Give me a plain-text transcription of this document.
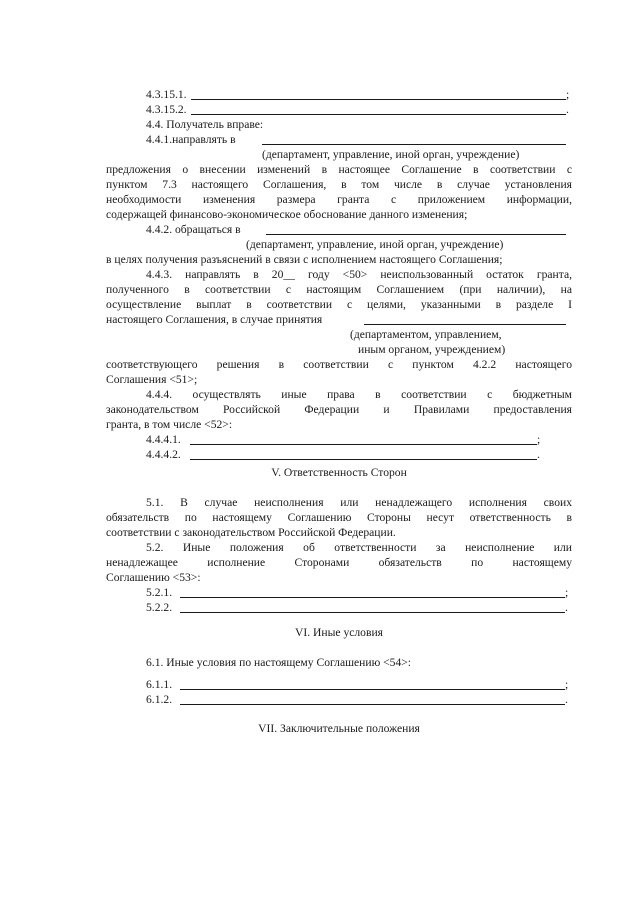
4.3.15.1.	;
4.3.15.2.	.
4.4. Получатель вправе:
4.4.1.направлять в
(департамент, управление, иной орган, учреждение)
предложения о внесении изменений в настоящее Соглашение в соответствии с
пунктом 7.3 настоящего Соглашения, в том числе в случае установления
необходимости изменения размера гранта с приложением информации,
содержащей финансово-экономическое обоснование данного изменения;
4.4.2. обращаться в
(департамент, управление, иной орган, учреждение)
в целях получения разъяснений в связи с исполнением настоящего Соглашения;
4.4.3. направлять в 20__ году <50> неиспользованный остаток гранта,
полученного в соответствии с настоящим Соглашением (при наличии), на
осуществление выплат в соответствии с целями, указанными в разделе I
настоящего Соглашения, в случае принятия
(департаментом, управлением,
иным органом, учреждением)
соответствующего решения в соответствии с пунктом 4.2.2 настоящего
Соглашения <51>;
4.4.4. осуществлять иные права в соответствии с бюджетным
законодательством Российской Федерации и Правилами предоставления
гранта, в том числе <52>:
4.4.4.1.	;
4.4.4.2.	.
V. Ответственность Сторон
5.1. В случае неисполнения или ненадлежащего исполнения своих
обязательств по настоящему Соглашению Стороны несут ответственность в
соответствии с законодательством Российской Федерации.
5.2. Иные положения об ответственности за неисполнение или
ненадлежащее исполнение Сторонами обязательств по настоящему
Соглашению <53>:
5.2.1.	;
5.2.2.	.
VI. Иные условия
6.1. Иные условия по настоящему Соглашению <54>:
6.1.1.	;
6.1.2.	.
VII. Заключительные положения
